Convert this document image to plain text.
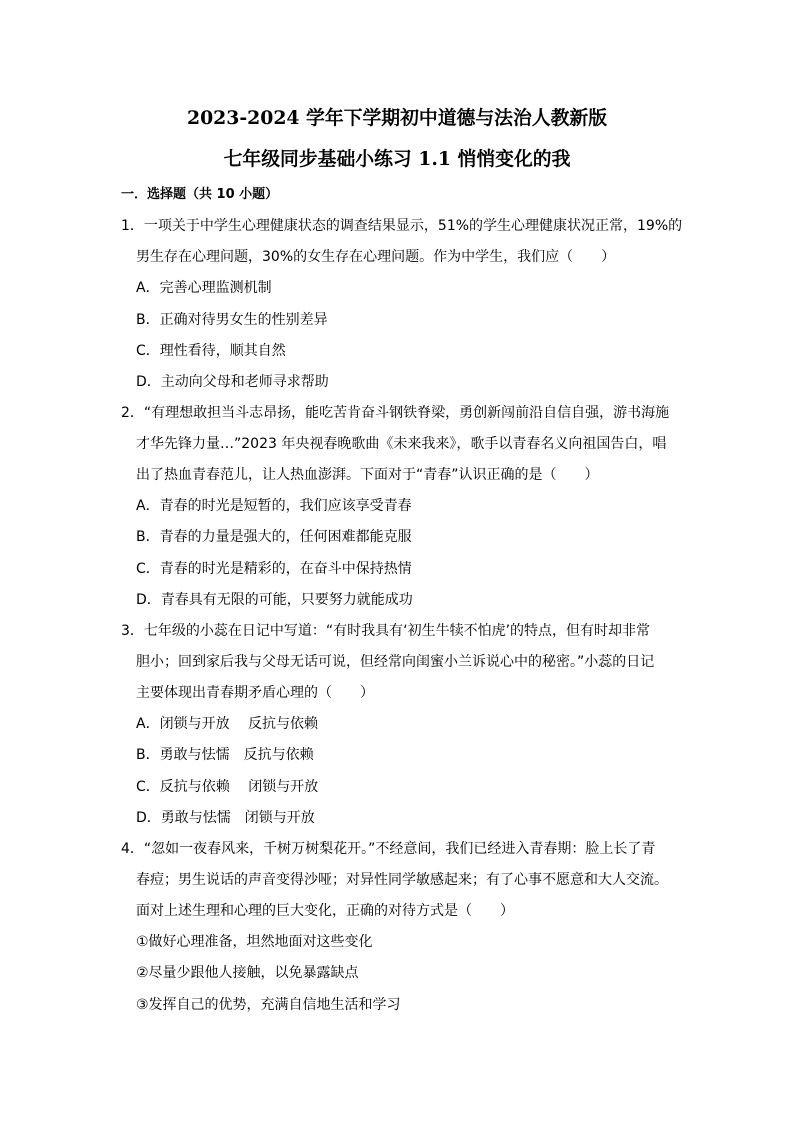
2023-2024 学年下学期初中道德与法治人教新版
七年级同步基础小练习 1.1 悄悄变化的我
一．选择题（共 10 小题）
1．一项关于中学生心理健康状态的调查结果显示，51%的学生心理健康状况正常，19%的
男生存在心理问题，30%的女生存在心理问题。作为中学生，我们应（　　）
A．完善心理监测机制
B．正确对待男女生的性别差异
C．理性看待，顺其自然
D．主动向父母和老师寻求帮助
2．“有理想敢担当斗志昂扬，能吃苦肯奋斗钢铁脊梁，勇创新闯前沿自信自强，游书海施
才华先锋力量…”2023 年央视春晚歌曲《未来我来》，歌手以青春名义向祖国告白，唱
出了热血青春范儿，让人热血澎湃。下面对于“青春”认识正确的是（　　）
A．青春的时光是短暂的，我们应该享受青春
B．青春的力量是强大的，任何困难都能克服
C．青春的时光是精彩的，在奋斗中保持热情
D．青春具有无限的可能，只要努力就能成功
3．七年级的小蕊在日记中写道：“有时我具有‘初生牛犊不怕虎’的特点，但有时却非常
胆小；回到家后我与父母无话可说，但经常向闺蜜小兰诉说心中的秘密。”小蕊的日记
主要体现出青春期矛盾心理的（　　）
A．闭锁与开放　 反抗与依赖
B．勇敢与怯懦　反抗与依赖
C．反抗与依赖　 闭锁与开放
D．勇敢与怯懦　闭锁与开放
4．“忽如一夜春风来，千树万树梨花开。”不经意间，我们已经进入青春期：脸上长了青
春痘；男生说话的声音变得沙哑；对异性同学敏感起来；有了心事不愿意和大人交流。
面对上述生理和心理的巨大变化，正确的对待方式是（　　）
①做好心理准备，坦然地面对这些变化
②尽量少跟他人接触，以免暴露缺点
③发挥自己的优势，充满自信地生活和学习
